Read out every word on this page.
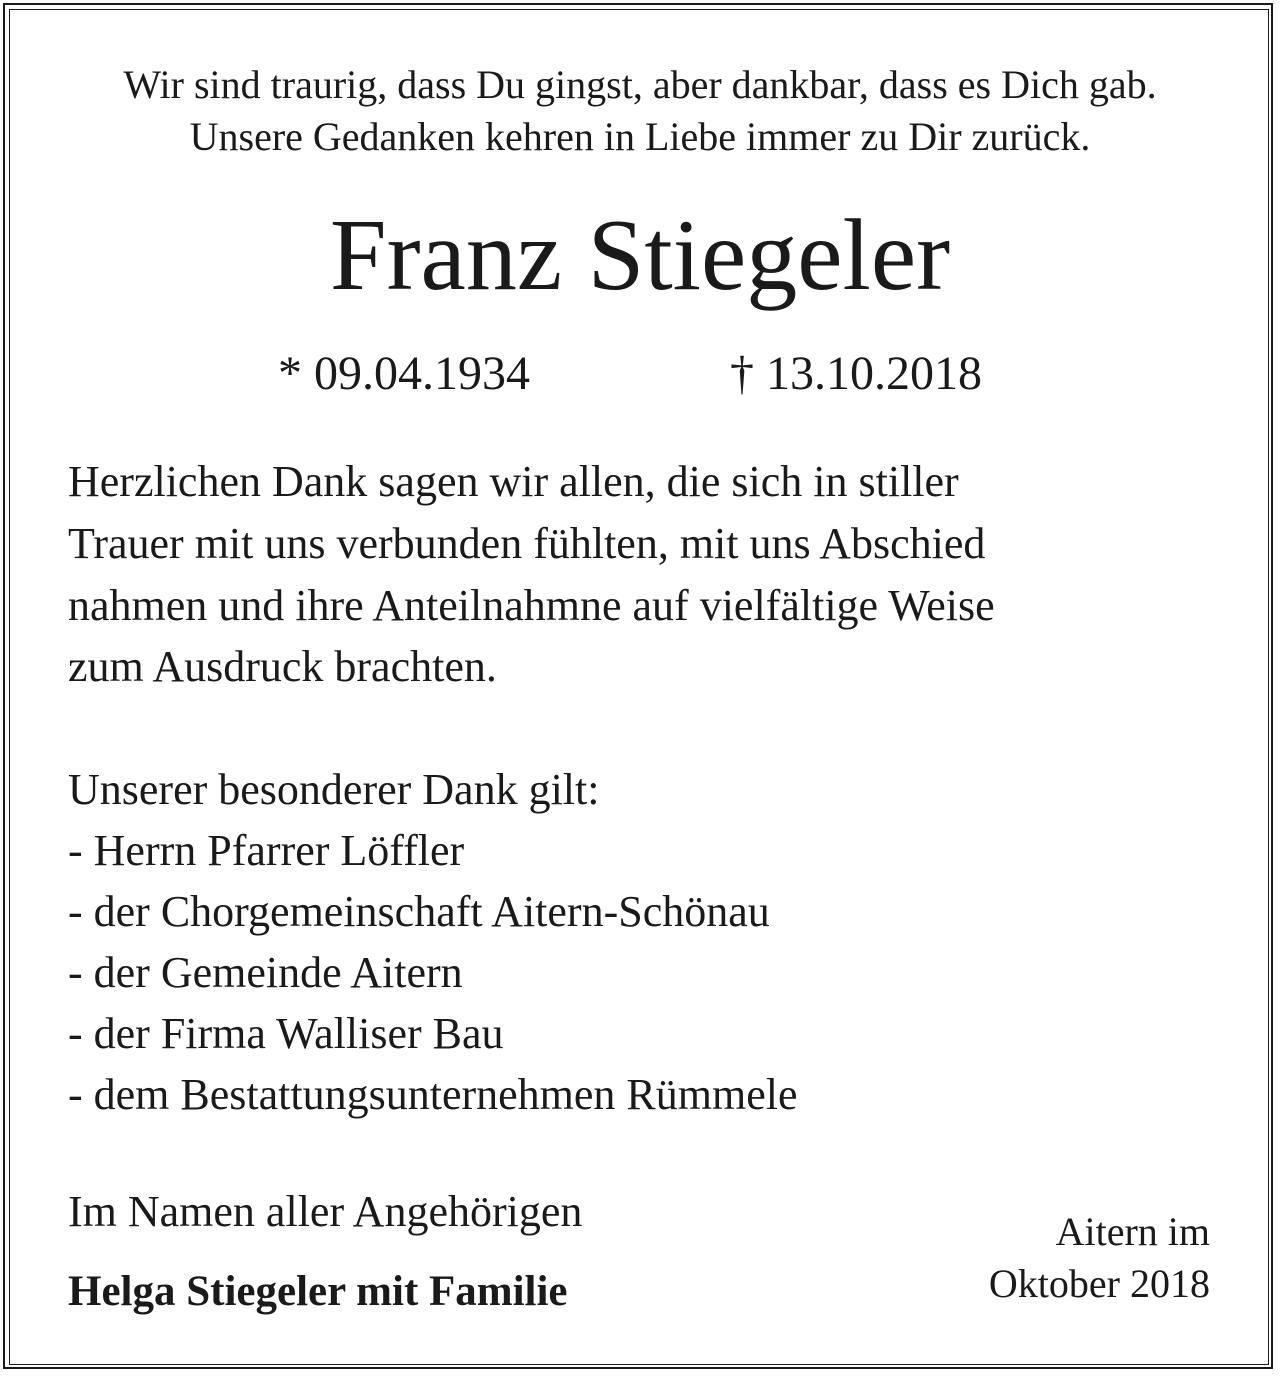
Wir sind traurig, dass Du gingst, aber dankbar, dass es Dich gab.
Unsere Gedanken kehren in Liebe immer zu Dir zurück.
Franz Stiegeler
* 09.04.1934	† 13.10.2018
Herzlichen Dank sagen wir allen, die sich in stiller
Trauer mit uns verbunden fühlten, mit uns Abschied
nahmen und ihre Anteilnahmne auf vielfältige Weise
zum Ausdruck brachten.
Unserer besonderer Dank gilt:
- Herrn Pfarrer Löffler
- der Chorgemeinschaft Aitern-Schönau
- der Gemeinde Aitern
- der Firma Walliser Bau
- dem Bestattungsunternehmen Rümmele
Im Namen aller Angehörigen
Helga Stiegeler mit Familie
Aitern im
Oktober 2018
